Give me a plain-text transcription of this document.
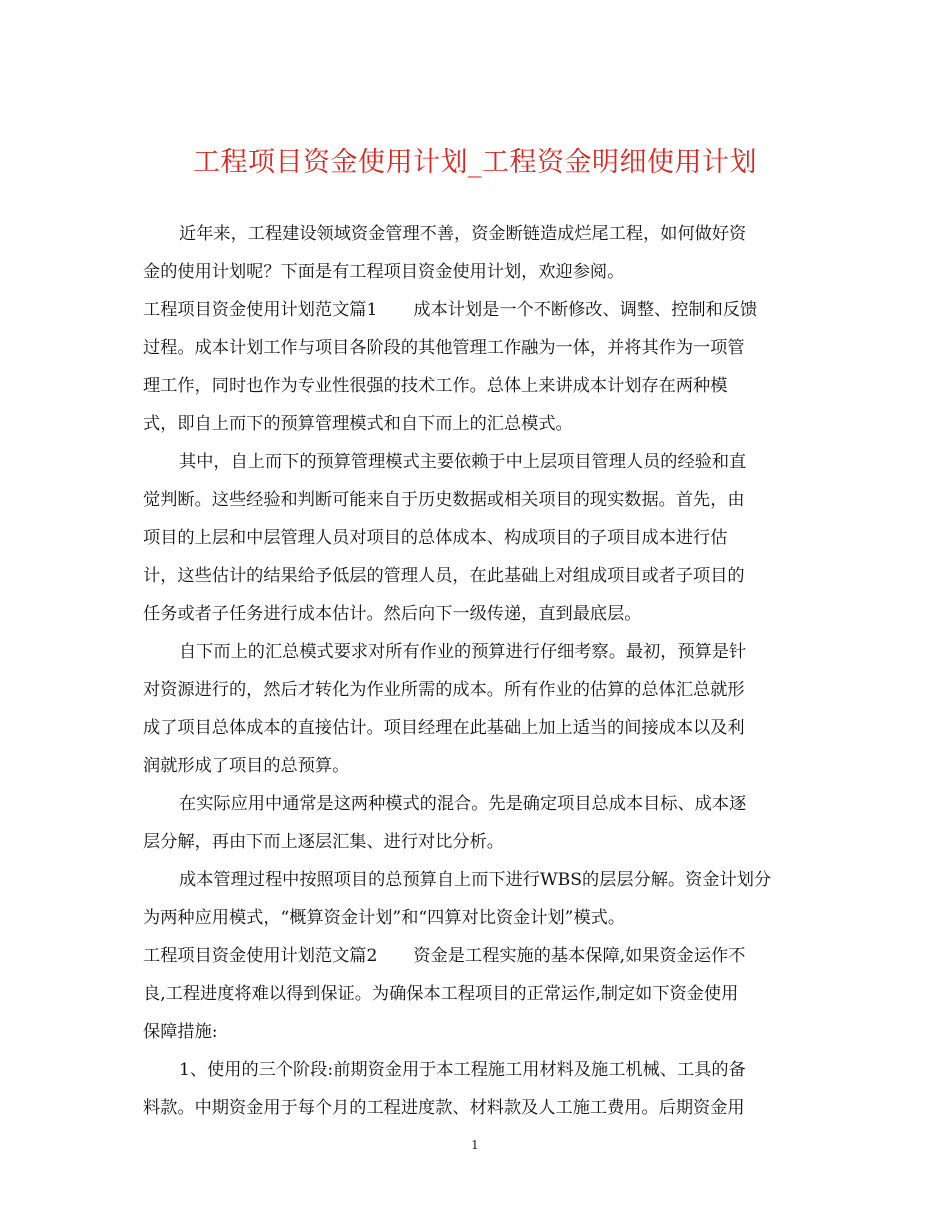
工程项目资金使用计划_工程资金明细使用计划
近年来，工程建设领域资金管理不善，资金断链造成烂尾工程，如何做好资
金的使用计划呢？下面是有工程项目资金使用计划，欢迎参阅。
工程项目资金使用计划范文篇1 成本计划是一个不断修改、调整、控制和反馈
过程。成本计划工作与项目各阶段的其他管理工作融为一体，并将其作为一项管
理工作，同时也作为专业性很强的技术工作。总体上来讲成本计划存在两种模
式，即自上而下的预算管理模式和自下而上的汇总模式。
其中，自上而下的预算管理模式主要依赖于中上层项目管理人员的经验和直
觉判断。这些经验和判断可能来自于历史数据或相关项目的现实数据。首先，由
项目的上层和中层管理人员对项目的总体成本、构成项目的子项目成本进行估
计，这些估计的结果给予低层的管理人员，在此基础上对组成项目或者子项目的
任务或者子任务进行成本估计。然后向下一级传递，直到最底层。
自下而上的汇总模式要求对所有作业的预算进行仔细考察。最初，预算是针
对资源进行的，然后才转化为作业所需的成本。所有作业的估算的总体汇总就形
成了项目总体成本的直接估计。项目经理在此基础上加上适当的间接成本以及利
润就形成了项目的总预算。
在实际应用中通常是这两种模式的混合。先是确定项目总成本目标、成本逐
层分解，再由下而上逐层汇集、进行对比分析。
成本管理过程中按照项目的总预算自上而下进行WBS的层层分解。资金计划分
为两种应用模式，“概算资金计划”和“四算对比资金计划”模式。
工程项目资金使用计划范文篇2 资金是工程实施的基本保障,如果资金运作不
良,工程进度将难以得到保证。为确保本工程项目的正常运作,制定如下资金使用
保障措施:
1、使用的三个阶段:前期资金用于本工程施工用材料及施工机械、工具的备
料款。中期资金用于每个月的工程进度款、材料款及人工施工费用。后期资金用
1
